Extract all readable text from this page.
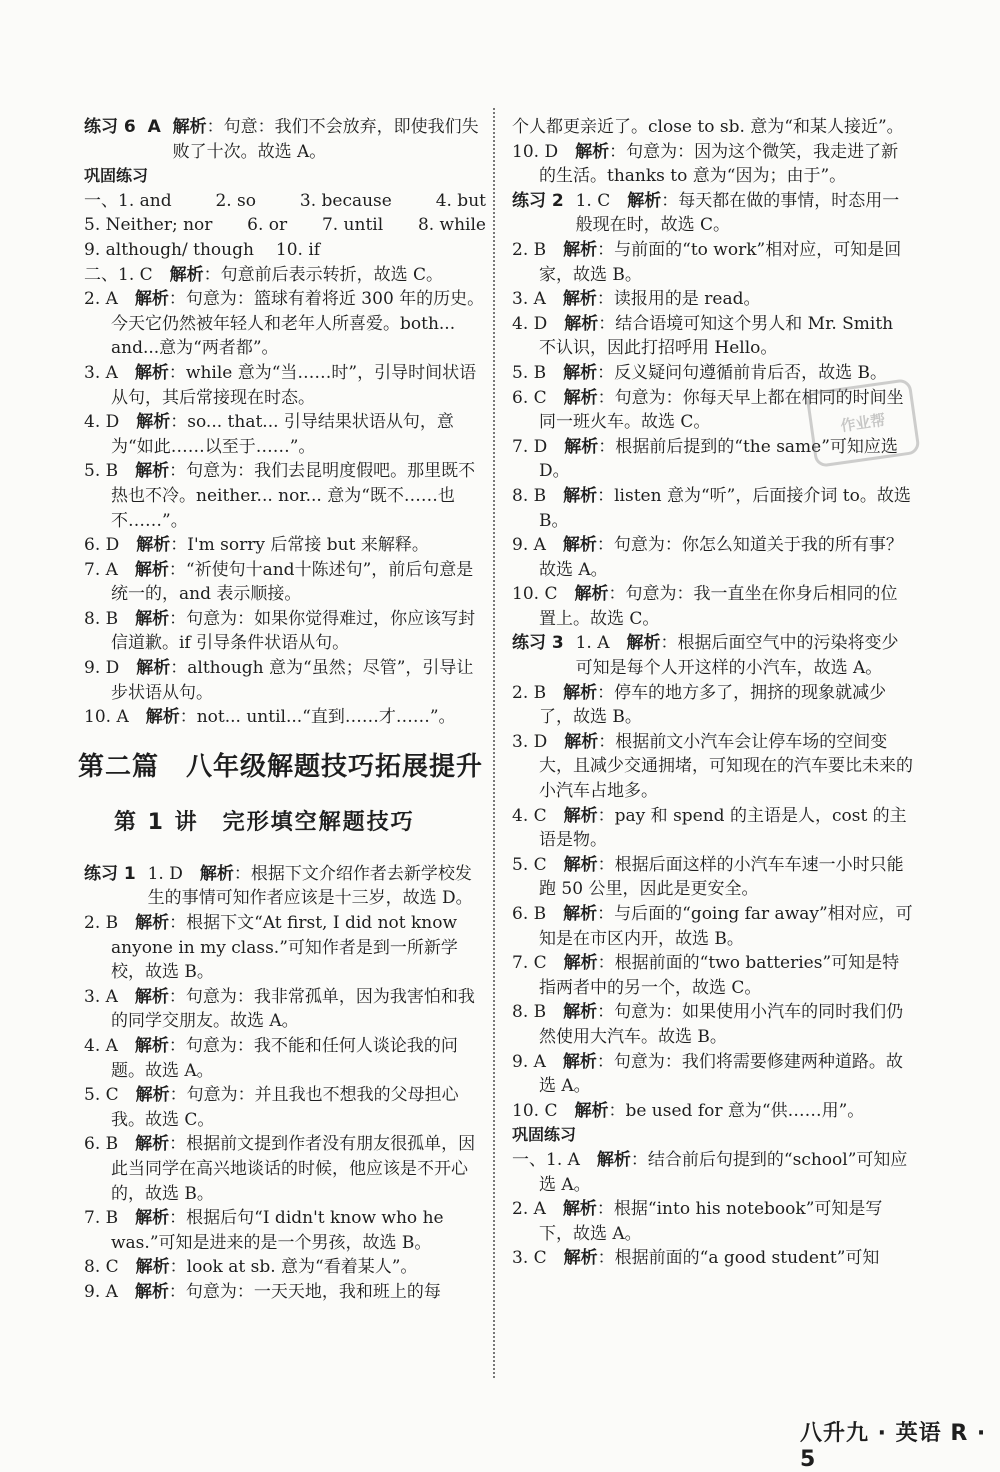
练习 6  A 解析：句意：我们不会放弃，即使我们失败了十次。故选 A。

巩固练习

一、1. and	2. so	3. because	4. but

5. Neither; nor 6. or 7. until 8. while

9. although/ though 10. if

二、1. C　 解析：句意前后表示转折，故选 C。

2. A　 解析：句意为：篮球有着将近 300 年的历史。今天它仍然被年轻人和老年人所喜爱。both... and...意为“两者都”。

3. A　 解析：while 意为“当……时”，引导时间状语从句，其后常接现在时态。

4. D　 解析：so... that... 引导结果状语从句，意为“如此……以至于……”。

5. B　 解析：句意为：我们去昆明度假吧。那里既不热也不冷。neither... nor... 意为“既不……也不……”。

6. D　 解析：I'm sorry 后常接 but 来解释。

7. A　 解析：“祈使句十and十陈述句”，前后句意是统一的，and 表示顺接。

8. B　 解析：句意为：如果你觉得难过，你应该写封信道歉。if 引导条件状语从句。

9. D　 解析：although 意为“虽然；尽管”，引导让步状语从句。

10. A　 解析：not... until...“直到……才……”。

第二篇　八年级解题技巧拓展提升
第 1 讲　完形填空解题技巧

练习 1 1. D　 解析：根据下文介绍作者去新学校发生的事情可知作者应该是十三岁，故选 D。

2. B　 解析：根据下文“At first, I did not know anyone in my class.”可知作者是到一所新学校，故选 B。

3. A　 解析：句意为：我非常孤单，因为我害怕和我的同学交朋友。故选 A。

4. A　 解析：句意为：我不能和任何人谈论我的问题。故选 A。

5. C　 解析：句意为：并且我也不想我的父母担心我。故选 C。

6. B　 解析：根据前文提到作者没有朋友很孤单，因此当同学在高兴地谈话的时候，他应该是不开心的，故选 B。

7. B　 解析：根据后句“I didn't know who he was.”可知是进来的是一个男孩，故选 B。

8. C　 解析：look at sb. 意为“看着某人”。

9. A　 解析：句意为：一天天地，我和班上的每

个人都更亲近了。close to sb. 意为“和某人接近”。

10. D　 解析：句意为：因为这个微笑，我走进了新的生活。thanks to 意为“因为；由于”。

练习 2 1. C　 解析：每天都在做的事情，时态用一般现在时，故选 C。

2. B　 解析：与前面的“to work”相对应，可知是回家，故选 B。

3. A　 解析：读报用的是 read。

4. D　 解析：结合语境可知这个男人和 Mr. Smith 不认识，因此打招呼用 Hello。

5. B　 解析：反义疑问句遵循前肯后否，故选 B。

6. C　 解析：句意为：你每天早上都在相同的时间坐同一班火车。故选 C。

7. D　 解析：根据前后提到的“the same”可知应选 D。

8. B　 解析：listen 意为“听”，后面接介词 to。故选 B。

9. A　 解析：句意为：你怎么知道关于我的所有事？故选 A。

10. C　 解析：句意为：我一直坐在你身后相同的位置上。故选 C。

练习 3 1. A　 解析：根据后面空气中的污染将变少可知是每个人开这样的小汽车，故选 A。

2. B　 解析：停车的地方多了，拥挤的现象就减少了，故选 B。

3. D　 解析：根据前文小汽车会让停车场的空间变大，且减少交通拥堵，可知现在的汽车要比未来的小汽车占地多。

4. C　 解析：pay 和 spend 的主语是人，cost 的主语是物。

5. C　 解析：根据后面这样的小汽车车速一小时只能跑 50 公里，因此是更安全。

6. B　 解析：与后面的“going far away”相对应，可知是在市区内开，故选 B。

7. C　 解析：根据前面的“two batteries”可知是特指两者中的另一个，故选 C。

8. B　 解析：句意为：如果使用小汽车的同时我们仍然使用大汽车。故选 B。

9. A　 解析：句意为：我们将需要修建两种道路。故选 A。

10. C　 解析：be used for 意为“供……用”。

巩固练习

一、1. A　 解析：结合前后句提到的“school”可知应选 A。

2. A　 解析：根据“into his notebook”可知是写下，故选 A。

3. C　 解析：根据前面的“a good student”可知

作业帮
八升九 · 英语 R · 5
